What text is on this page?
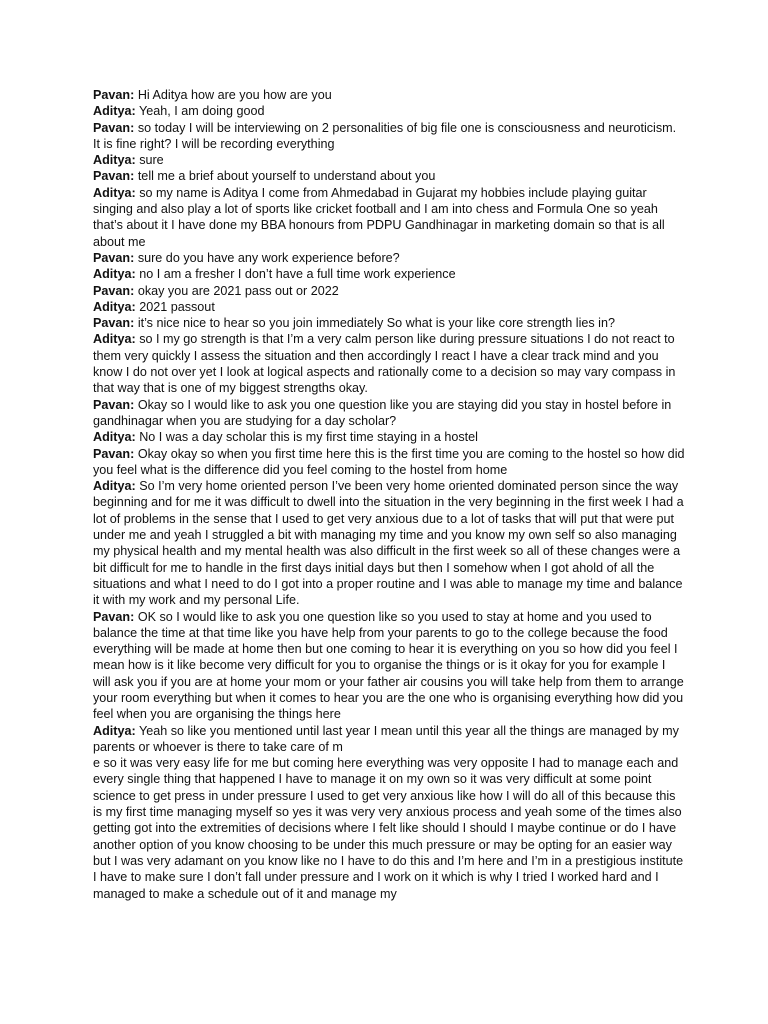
Pavan: Hi Aditya how are you how are you

Aditya: Yeah, I am doing good

Pavan: so today I will be interviewing on 2 personalities of big file one is consciousness and neuroticism. It is fine right? I will be recording everything

Aditya: sure

Pavan: tell me a brief about yourself to understand about you

Aditya: so my name is Aditya I come from Ahmedabad in Gujarat my hobbies include playing guitar singing and also play a lot of sports like cricket football and I am into chess and Formula One so yeah that’s about it I have done my BBA honours from PDPU Gandhinagar in marketing domain so that is all about me

Pavan: sure do you have any work experience before?

Aditya: no I am a fresher I don’t have a full time work experience

Pavan: okay you are 2021 pass out or 2022

Aditya: 2021 passout

Pavan: it’s nice nice to hear so you join immediately So what is your like core strength lies in?

Aditya: so I my go strength is that I’m a very calm person like during pressure situations I do not react to them very quickly I assess the situation and then accordingly I react I have a clear track mind and you know I do not over yet I look at logical aspects and rationally come to a decision so may vary compass in that way that is one of my biggest strengths okay.

Pavan: Okay so I would like to ask you one question like you are staying did you stay in hostel before in gandhinagar when you are studying for a day scholar?

Aditya: No I was a day scholar this is my first time staying in a hostel

Pavan: Okay okay so when you first time here this is the first time you are coming to the hostel so how did you feel what is the difference did you feel coming to the hostel from home

Aditya: So I’m very home oriented person I’ve been very home oriented dominated person since the way beginning and for me it was difficult to dwell into the situation in the very beginning in the first week I had a lot of problems in the sense that I used to get very anxious due to a lot of tasks that will put that were put under me and yeah I struggled a bit with managing my time and you know my own self so also managing my physical health and my mental health was also difficult in the first week so all of these changes were a bit difficult for me to handle in the first days initial days but then I somehow when I got ahold of all the situations and what I need to do I got into a proper routine and I was able to manage my time and balance it with my work and my personal Life.

Pavan: OK so I would like to ask you one question like so you used to stay at home and you used to balance the time at that time like you have help from your parents to go to the college because the food everything will be made at home then but one coming to hear it is everything on you so how did you feel I mean how is it like become very difficult for you to organise the things or is it okay for you for example I will ask you if you are at home your mom or your father air cousins you will take help from them to arrange your room everything but when it comes to hear you are the one who is organising everything how did you feel when you are organising the things here

Aditya: Yeah so like you mentioned until last year I mean until this year all the things are managed by my parents or whoever is there to take care of m

e so it was very easy life for me but coming here everything was very opposite I had to manage each and every single thing that happened I have to manage it on my own so it was very difficult at some point science to get press in under pressure I used to get very anxious like how I will do all of this because this is my first time managing myself so yes it was very very anxious process and yeah some of the times also getting got into the extremities of decisions where I felt like should I should I maybe continue or do I have another option of you know choosing to be under this much pressure or may be opting for an easier way but I was very adamant on you know like no I have to do this and I’m here and I’m in a prestigious institute I have to make sure I don’t fall under pressure and I work on it which is why I tried I worked hard and I managed to make a schedule out of it and manage my
